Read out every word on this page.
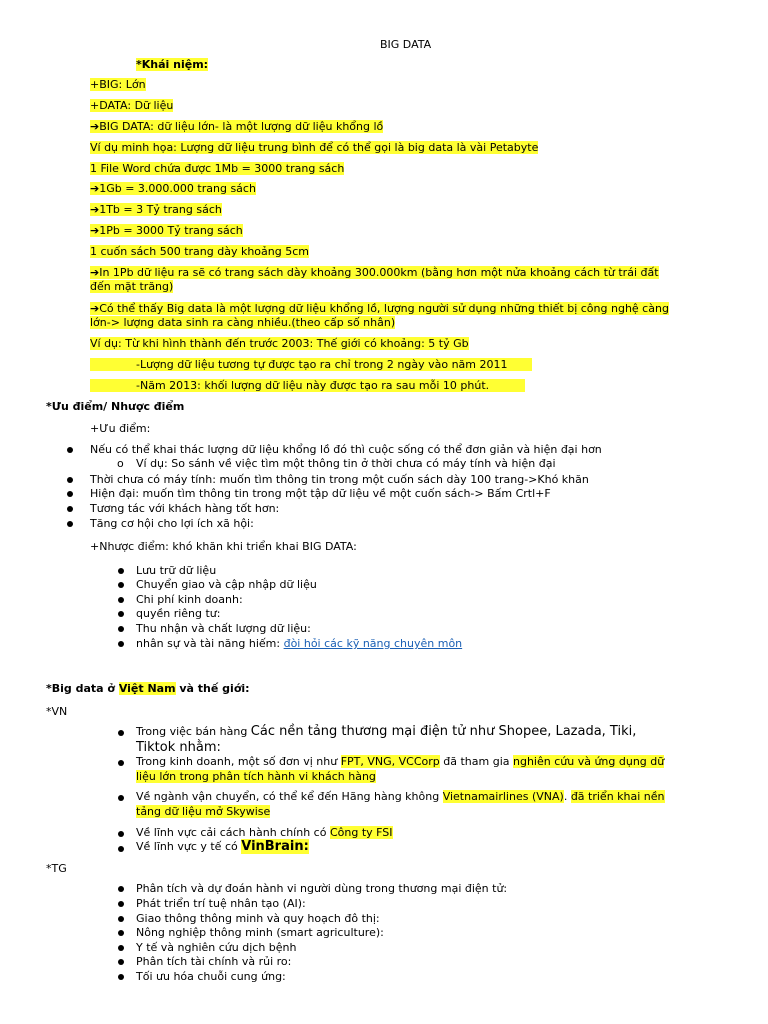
BIG DATA
*Khái niệm:
+BIG: Lớn
+DATA: Dữ liệu
➔BIG DATA: dữ liệu lớn- là một lượng dữ liệu khổng lồ
Ví dụ minh họa: Lượng dữ liệu trung bình để có thể gọi là big data là vài Petabyte
1 File Word chứa được 1Mb = 3000 trang sách
➔1Gb = 3.000.000 trang sách
➔1Tb = 3 Tỷ trang sách
➔1Pb = 3000 Tỷ trang sách
1 cuốn sách 500 trang dày khoảng 5cm
➔In 1Pb dữ liệu ra sẽ có trang sách dày khoảng 300.000km (bằng hơn một nửa khoảng cách từ trái đất đến mặt trăng)
➔Có thể thấy Big data là một lượng dữ liệu khổng lồ, lượng người sử dụng những thiết bị công nghệ càng lớn-> lượng data sinh ra càng nhiều.(theo cấp số nhân)
Ví dụ: Từ khi hình thành đến trước 2003: Thế giới có khoảng: 5 tỷ Gb
-Lượng dữ liệu tương tự được tạo ra chỉ trong 2 ngày vào năm 2011
-Năm 2013: khối lượng dữ liệu này được tạo ra sau mỗi 10 phút.
*Ưu điểm/ Nhược điểm
+Ưu điểm:
Nếu có thể khai thác lượng dữ liệu khổng lồ đó thì cuộc sống có thể đơn giản và hiện đại hơn
o Ví dụ: So sánh về việc tìm một thông tin ở thời chưa có máy tính và hiện đại
Thời chưa có máy tính: muốn tìm thông tin trong một cuốn sách dày 100 trang->Khó khăn
Hiện đại: muốn tìm thông tin trong một tập dữ liệu về một cuốn sách-> Bấm Crtl+F
Tương tác với khách hàng tốt hơn:
Tăng cơ hội cho lợi ích xã hội:
+Nhược điểm: khó khăn khi triển khai BIG DATA:
Lưu trữ dữ liệu
Chuyển giao và cập nhập dữ liệu
Chi phí kinh doanh:
quyền riêng tư:
Thu nhận và chất lượng dữ liệu:
nhân sự và tài năng hiếm: đòi hỏi các kỹ năng chuyên môn
*Big data ở Việt Nam và thế giới:
*VN
Trong việc bán hàng Các nền tảng thương mại điện tử như Shopee, Lazada, Tiki,
Tiktok nhằm:
Trong kinh doanh, một số đơn vị như FPT, VNG, VCCorp đã tham gia nghiên cứu và ứng dụng dữ
liệu lớn trong phân tích hành vi khách hàng
Về ngành vận chuyển, có thể kể đến Hãng hàng không Vietnamairlines (VNA). đã triển khai nền
tảng dữ liệu mở Skywise
Về lĩnh vực cải cách hành chính có Công ty FSI
Về lĩnh vực y tế có VinBrain:
*TG
Phân tích và dự đoán hành vi người dùng trong thương mại điện tử:
Phát triển trí tuệ nhân tạo (AI):
Giao thông thông minh và quy hoạch đô thị:
Nông nghiệp thông minh (smart agriculture):
Y tế và nghiên cứu dịch bệnh
Phân tích tài chính và rủi ro:
Tối ưu hóa chuỗi cung ứng:
